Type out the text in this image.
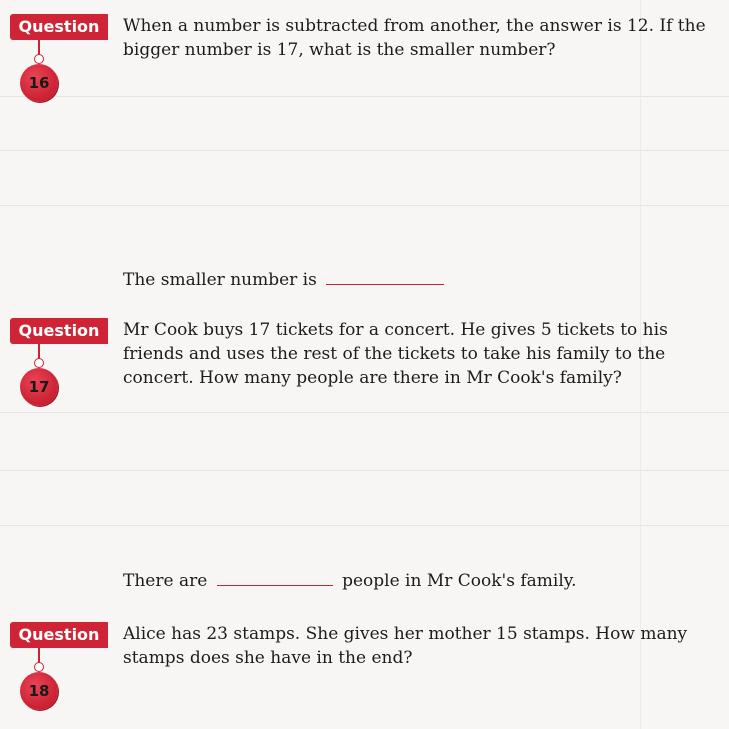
Question
16
When a number is subtracted from another, the answer is 12. If the bigger number is 17, what is the smaller number?
The smaller number is
Question
17
Mr Cook buys 17 tickets for a concert. He gives 5 tickets to his friends and uses the rest of the tickets to take his family to the concert. How many people are there in Mr Cook's family?
There are	people in Mr Cook's family.
Question
18
Alice has 23 stamps. She gives her mother 15 stamps. How many stamps does she have in the end?
